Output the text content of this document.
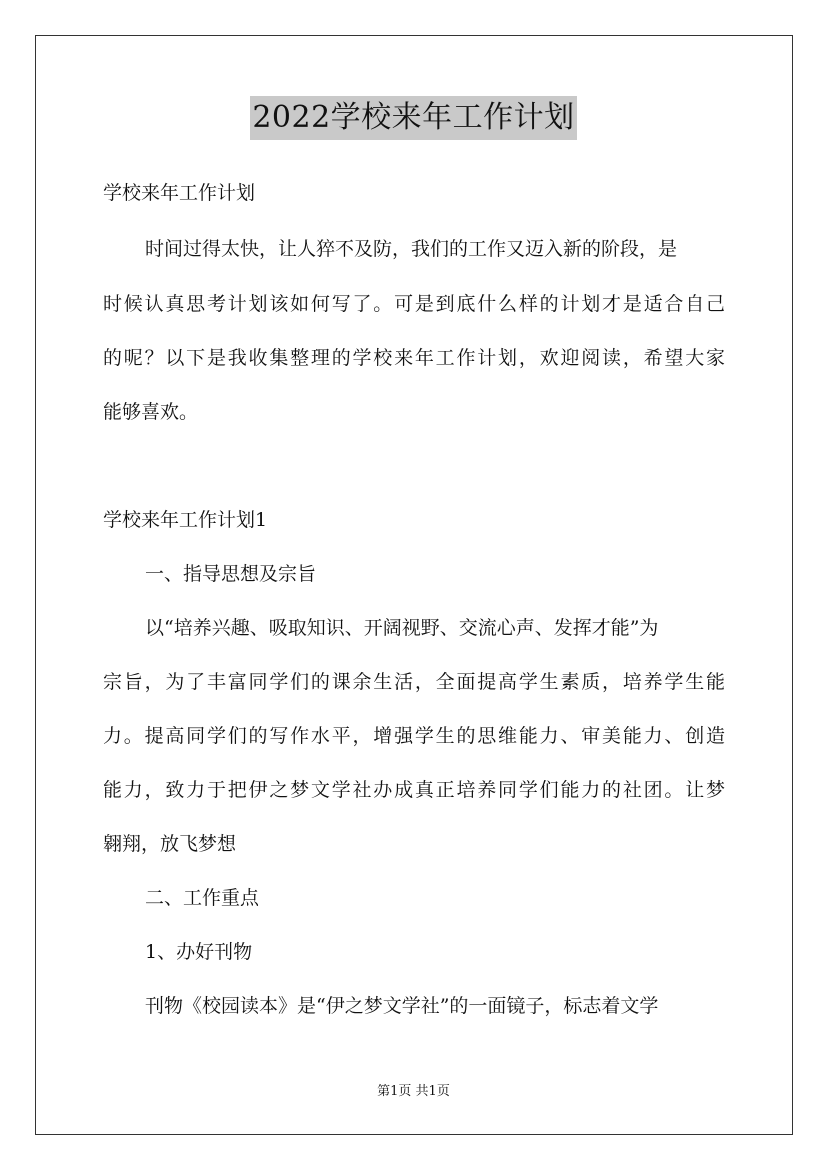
2022学校来年工作计划
学校来年工作计划
时间过得太快，让人猝不及防，我们的工作又迈入新的阶段，是
时候认真思考计划该如何写了。可是到底什么样的计划才是适合自己
的呢？以下是我收集整理的学校来年工作计划，欢迎阅读，希望大家
能够喜欢。
学校来年工作计划1
一、指导思想及宗旨
以“培养兴趣、吸取知识、开阔视野、交流心声、发挥才能”为
宗旨，为了丰富同学们的课余生活，全面提高学生素质，培养学生能
力。提高同学们的写作水平，增强学生的思维能力、审美能力、创造
能力，致力于把伊之梦文学社办成真正培养同学们能力的社团。让梦
翱翔，放飞梦想
二、工作重点
1、办好刊物
刊物《校园读本》是“伊之梦文学社”的一面镜子，标志着文学
第1页 共1页
